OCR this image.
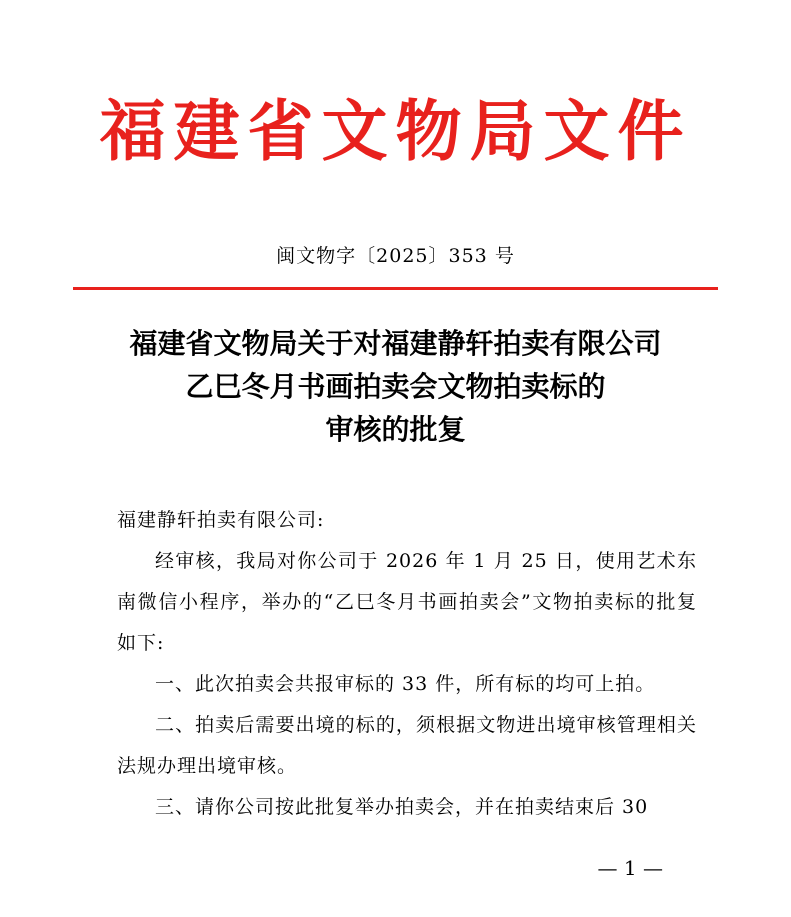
福建省文物局文件
闽文物字〔2025〕353 号
福建省文物局关于对福建静轩拍卖有限公司
乙巳冬月书画拍卖会文物拍卖标的
审核的批复

福建静轩拍卖有限公司:

经审核，我局对你公司于 2026 年 1 月 25 日，使用艺术东南微信小程序，举办的“乙巳冬月书画拍卖会”文物拍卖标的批复如下:

一、此次拍卖会共报审标的 33 件，所有标的均可上拍。

二、拍卖后需要出境的标的，须根据文物进出境审核管理相关法规办理出境审核。

三、请你公司按此批复举办拍卖会，并在拍卖结束后 30

— 1 —
